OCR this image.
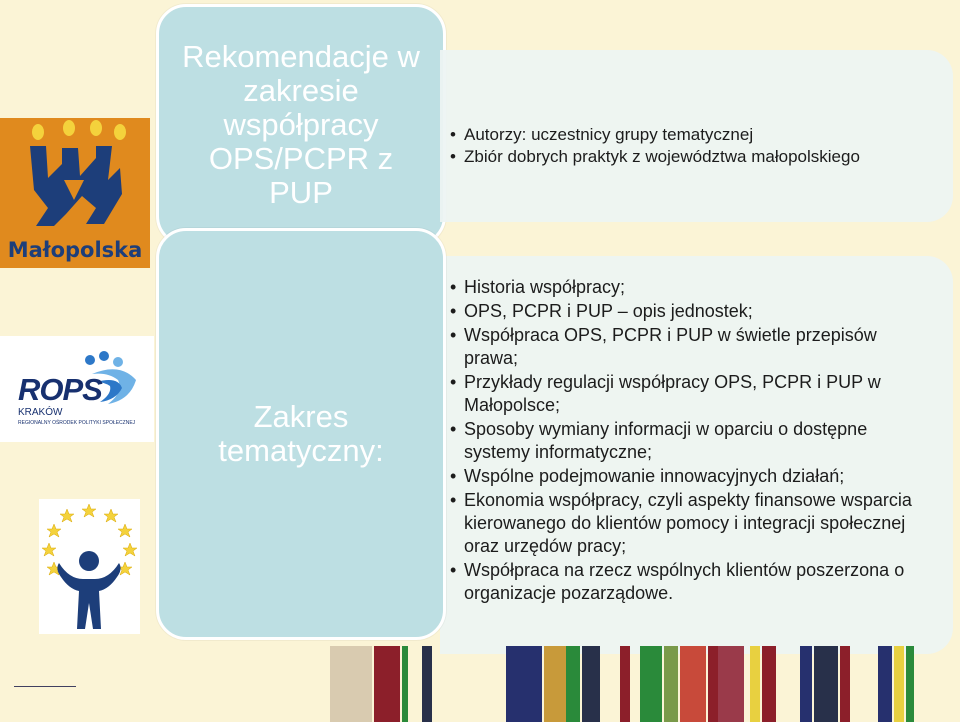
Małopolska
ROPS
KRAKÓW
REGIONALNY OŚRODEK POLITYKI SPOŁECZNEJ
Rekomendacje w zakresie współpracy OPS/PCPR z PUP
• Autorzy: uczestnicy grupy tematycznej
• Zbiór dobrych praktyk z województwa małopolskiego
• Historia współpracy;
• OPS, PCPR i PUP – opis jednostek;
• Współpraca OPS, PCPR i PUP w świetle przepisów prawa;
• Przykłady regulacji współpracy OPS, PCPR i PUP w Małopolsce;
• Sposoby wymiany informacji w oparciu o dostępne systemy informatyczne;
• Wspólne podejmowanie innowacyjnych działań;
• Ekonomia współpracy, czyli aspekty finansowe wsparcia kierowanego do klientów pomocy i integracji społecznej oraz urzędów pracy;
• Współpraca na rzecz wspólnych klientów poszerzona o organizacje pozarządowe.
Zakres tematyczny:
